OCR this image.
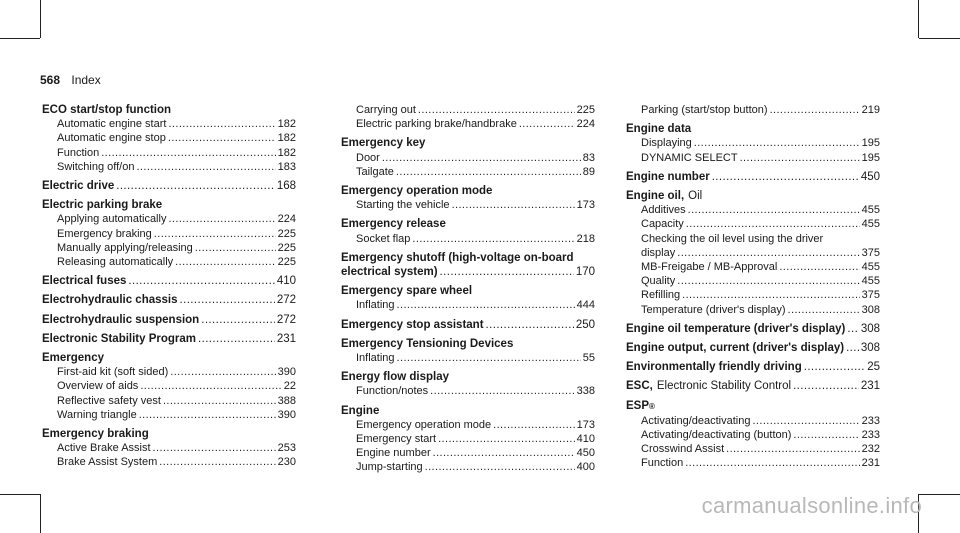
568 Index
ECO start/stop function
Automatic engine start .....	182
Automatic engine stop .....	182
Function .....	182
Switching off/on .....	183
Electric drive .....	168
Electric parking brake
Applying automatically .....	224
Emergency braking .....	225
Manually applying/releasing .....	225
Releasing automatically .....	225
Electrical fuses .....	410
Electrohydraulic chassis .....	272
Electrohydraulic suspension .....	272
Electronic Stability Program .....	231
Emergency
First-aid kit (soft sided) .....	390
Overview of aids .....	22
Reflective safety vest .....	388
Warning triangle .....	390
Emergency braking
Active Brake Assist .....	253
Brake Assist System .....	230
Carrying out .....	225
Electric parking brake/handbrake .....	224
Emergency key
Door .....	83
Tailgate .....	89
Emergency operation mode
Starting the vehicle .....	173
Emergency release
Socket flap .....	218
Emergency shutoff (high-voltage on-board
electrical system) .....	170
Emergency spare wheel
Inflating .....	444
Emergency stop assistant .....	250
Emergency Tensioning Devices
Inflating .....	55
Energy flow display
Function/notes .....	338
Engine
Emergency operation mode .....	173
Emergency start .....	410
Engine number .....	450
Jump-starting .....	400
Parking (start/stop button) .....	219
Engine data
Displaying .....	195
DYNAMIC SELECT .....	195
Engine number .....	450
Engine oil, Oil
Additives .....	455
Capacity .....	455
Checking the oil level using the driver
display .....	375
MB-Freigabe / MB-Approval .....	455
Quality .....	455
Refilling .....	375
Temperature (driver's display) .....	308
Engine oil temperature (driver's display) ..... 308
Engine output, current (driver's display) ..... 308
Environmentally friendly driving .....	25
ESC, Electronic Stability Control .....	231
ESP ®
Activating/deactivating .....	233
Activating/deactivating (button) .....	233
Crosswind Assist .....	232
Function .....	231
carmanualsonline.info
